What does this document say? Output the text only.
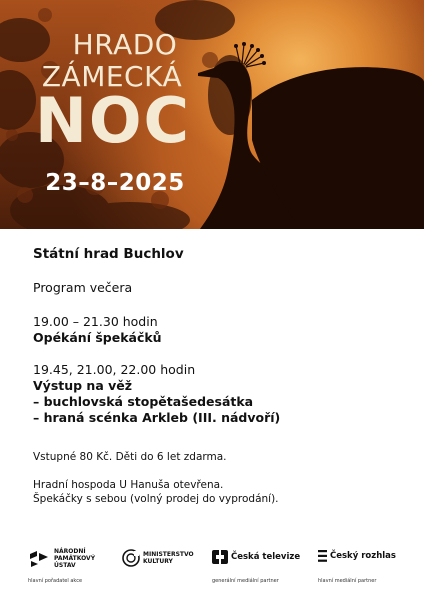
HRADO
ZÁMECKÁ
NOC
23–8–2025
Státní hrad Buchlov
Program večera
19.00 – 21.30 hodin
Opékání špekáčků
19.45, 21.00, 22.00 hodin
Výstup na věž
– buchlovská stopětašedesátka
– hraná scénka Arkleb (III. nádvoří)
Vstupné 80 Kč. Děti do 6 let zdarma.
Hradní hospoda U Hanuša otevřena.
Špekáčky s sebou (volný prodej do vyprodání).
NÁRODNÍ
PAMÁTKOVÝ
ÚSTAV
hlavní pořadatel akce
MINISTERSTVO
KULTURY	Česká televize
generální mediální partner
Český rozhlas
hlavní mediální partner
